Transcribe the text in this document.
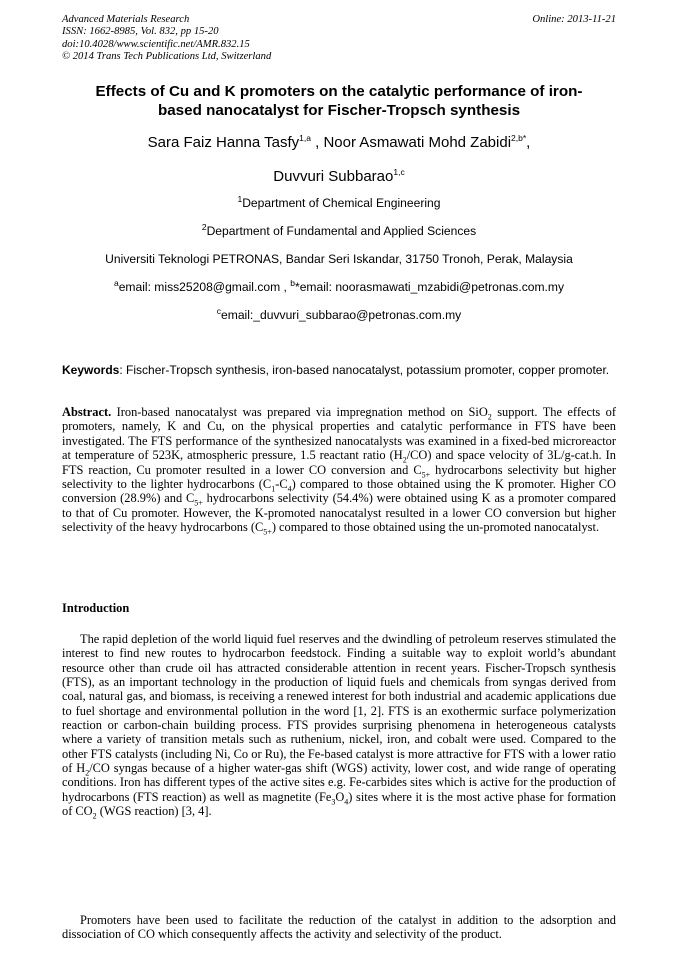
Advanced Materials Research
ISSN: 1662-8985, Vol. 832, pp 15-20
doi:10.4028/www.scientific.net/AMR.832.15
© 2014 Trans Tech Publications Ltd, Switzerland
Online: 2013-11-21
Effects of Cu and K promoters on the catalytic performance of iron-
based nanocatalyst for Fischer-Tropsch synthesis
Sara Faiz Hanna Tasfy$^{1,a}$ , Noor Asmawati Mohd Zabidi$^{2,b*}$,
Duvvuri Subbarao$^{1,c}$
$^1$Department of Chemical Engineering
$^2$Department of Fundamental and Applied Sciences
Universiti Teknologi PETRONAS, Bandar Seri Iskandar, 31750 Tronoh, Perak, Malaysia
$^a$email: miss25208@gmail.com , $^b$*email: noorasmawati_mzabidi@petronas.com.my
$^c$email:_duvvuri_subbarao@petronas.com.my
Keywords: Fischer-Tropsch synthesis, iron-based nanocatalyst, potassium promoter, copper promoter.
Abstract. Iron-based nanocatalyst was prepared via impregnation method on SiO$_2$ support. The effects of promoters, namely, K and Cu, on the physical properties and catalytic performance in FTS have been investigated. The FTS performance of the synthesized nanocatalysts was examined in a fixed-bed microreactor at temperature of 523K, atmospheric pressure, 1.5 reactant ratio $(H_2/CO)$ and space velocity of 3L/g-cat.h. In FTS reaction, Cu promoter resulted in a lower CO conversion and $C_{5+}$ hydrocarbons selectivity but higher selectivity to the lighter hydrocarbons $(C_1-C_4)$ compared to those obtained using the K promoter. Higher CO conversion (28.9%) and $C_{5+}$ hydrocarbons selectivity (54.4%) were obtained using K as a promoter compared to that of Cu promoter. However, the K-promoted nanocatalyst resulted in a lower CO conversion but higher selectivity of the heavy hydrocarbons $(C_{5+})$ compared to those obtained using the un-promoted nanocatalyst.
Introduction
The rapid depletion of the world liquid fuel reserves and the dwindling of petroleum reserves stimulated the interest to find new routes to hydrocarbon feedstock. Finding a suitable way to exploit world’s abundant resource other than crude oil has attracted considerable attention in recent years. Fischer-Tropsch synthesis (FTS), as an important technology in the production of liquid fuels and chemicals from syngas derived from coal, natural gas, and biomass, is receiving a renewed interest for both industrial and academic applications due to fuel shortage and environmental pollution in the word [1, 2]. FTS is an exothermic surface polymerization reaction or carbon-chain building process. FTS provides surprising phenomena in heterogeneous catalysts where a variety of transition metals such as ruthenium, nickel, iron, and cobalt were used. Compared to the other FTS catalysts (including Ni, Co or Ru), the Fe-based catalyst is more attractive for FTS with a lower ratio of $H_2/CO$ syngas because of a higher water-gas shift (WGS) activity, lower cost, and wide range of operating conditions. Iron has different types of the active sites e.g. Fe-carbides sites which is active for the production of hydrocarbons (FTS reaction) as well as magnetite $(Fe_3O_4)$ sites where it is the most active phase for formation of $CO_2$ (WGS reaction) [3, 4].
Promoters have been used to facilitate the reduction of the catalyst in addition to the adsorption and dissociation of CO which consequently affects the activity and selectivity of the product.
